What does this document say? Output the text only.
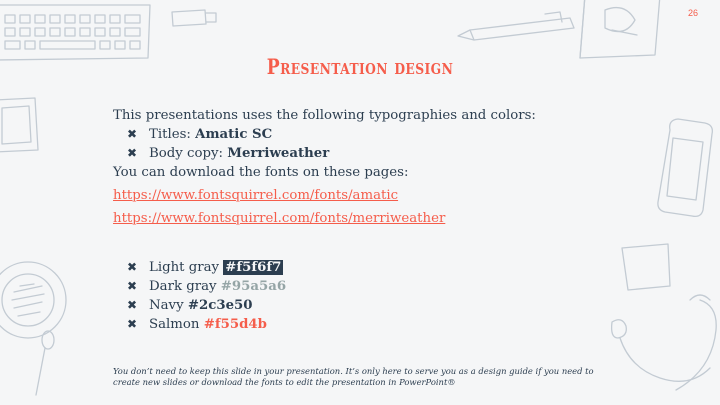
26
Presentation design

This presentations uses the following typographies and colors:

✖ Titles: Amatic SC
✖ Body copy: Merriweather

You can download the fonts on these pages:

https://www.fontsquirrel.com/fonts/amatic

https://www.fontsquirrel.com/fonts/merriweather

✖ Light gray #f5f6f7
✖ Dark gray #95a5a6
✖ Navy #2c3e50
✖ Salmon #f55d4b
You don’t need to keep this slide in your presentation. It’s only here to serve you as a design guide if you need to create new slides or download the fonts to edit the presentation in PowerPoint®
